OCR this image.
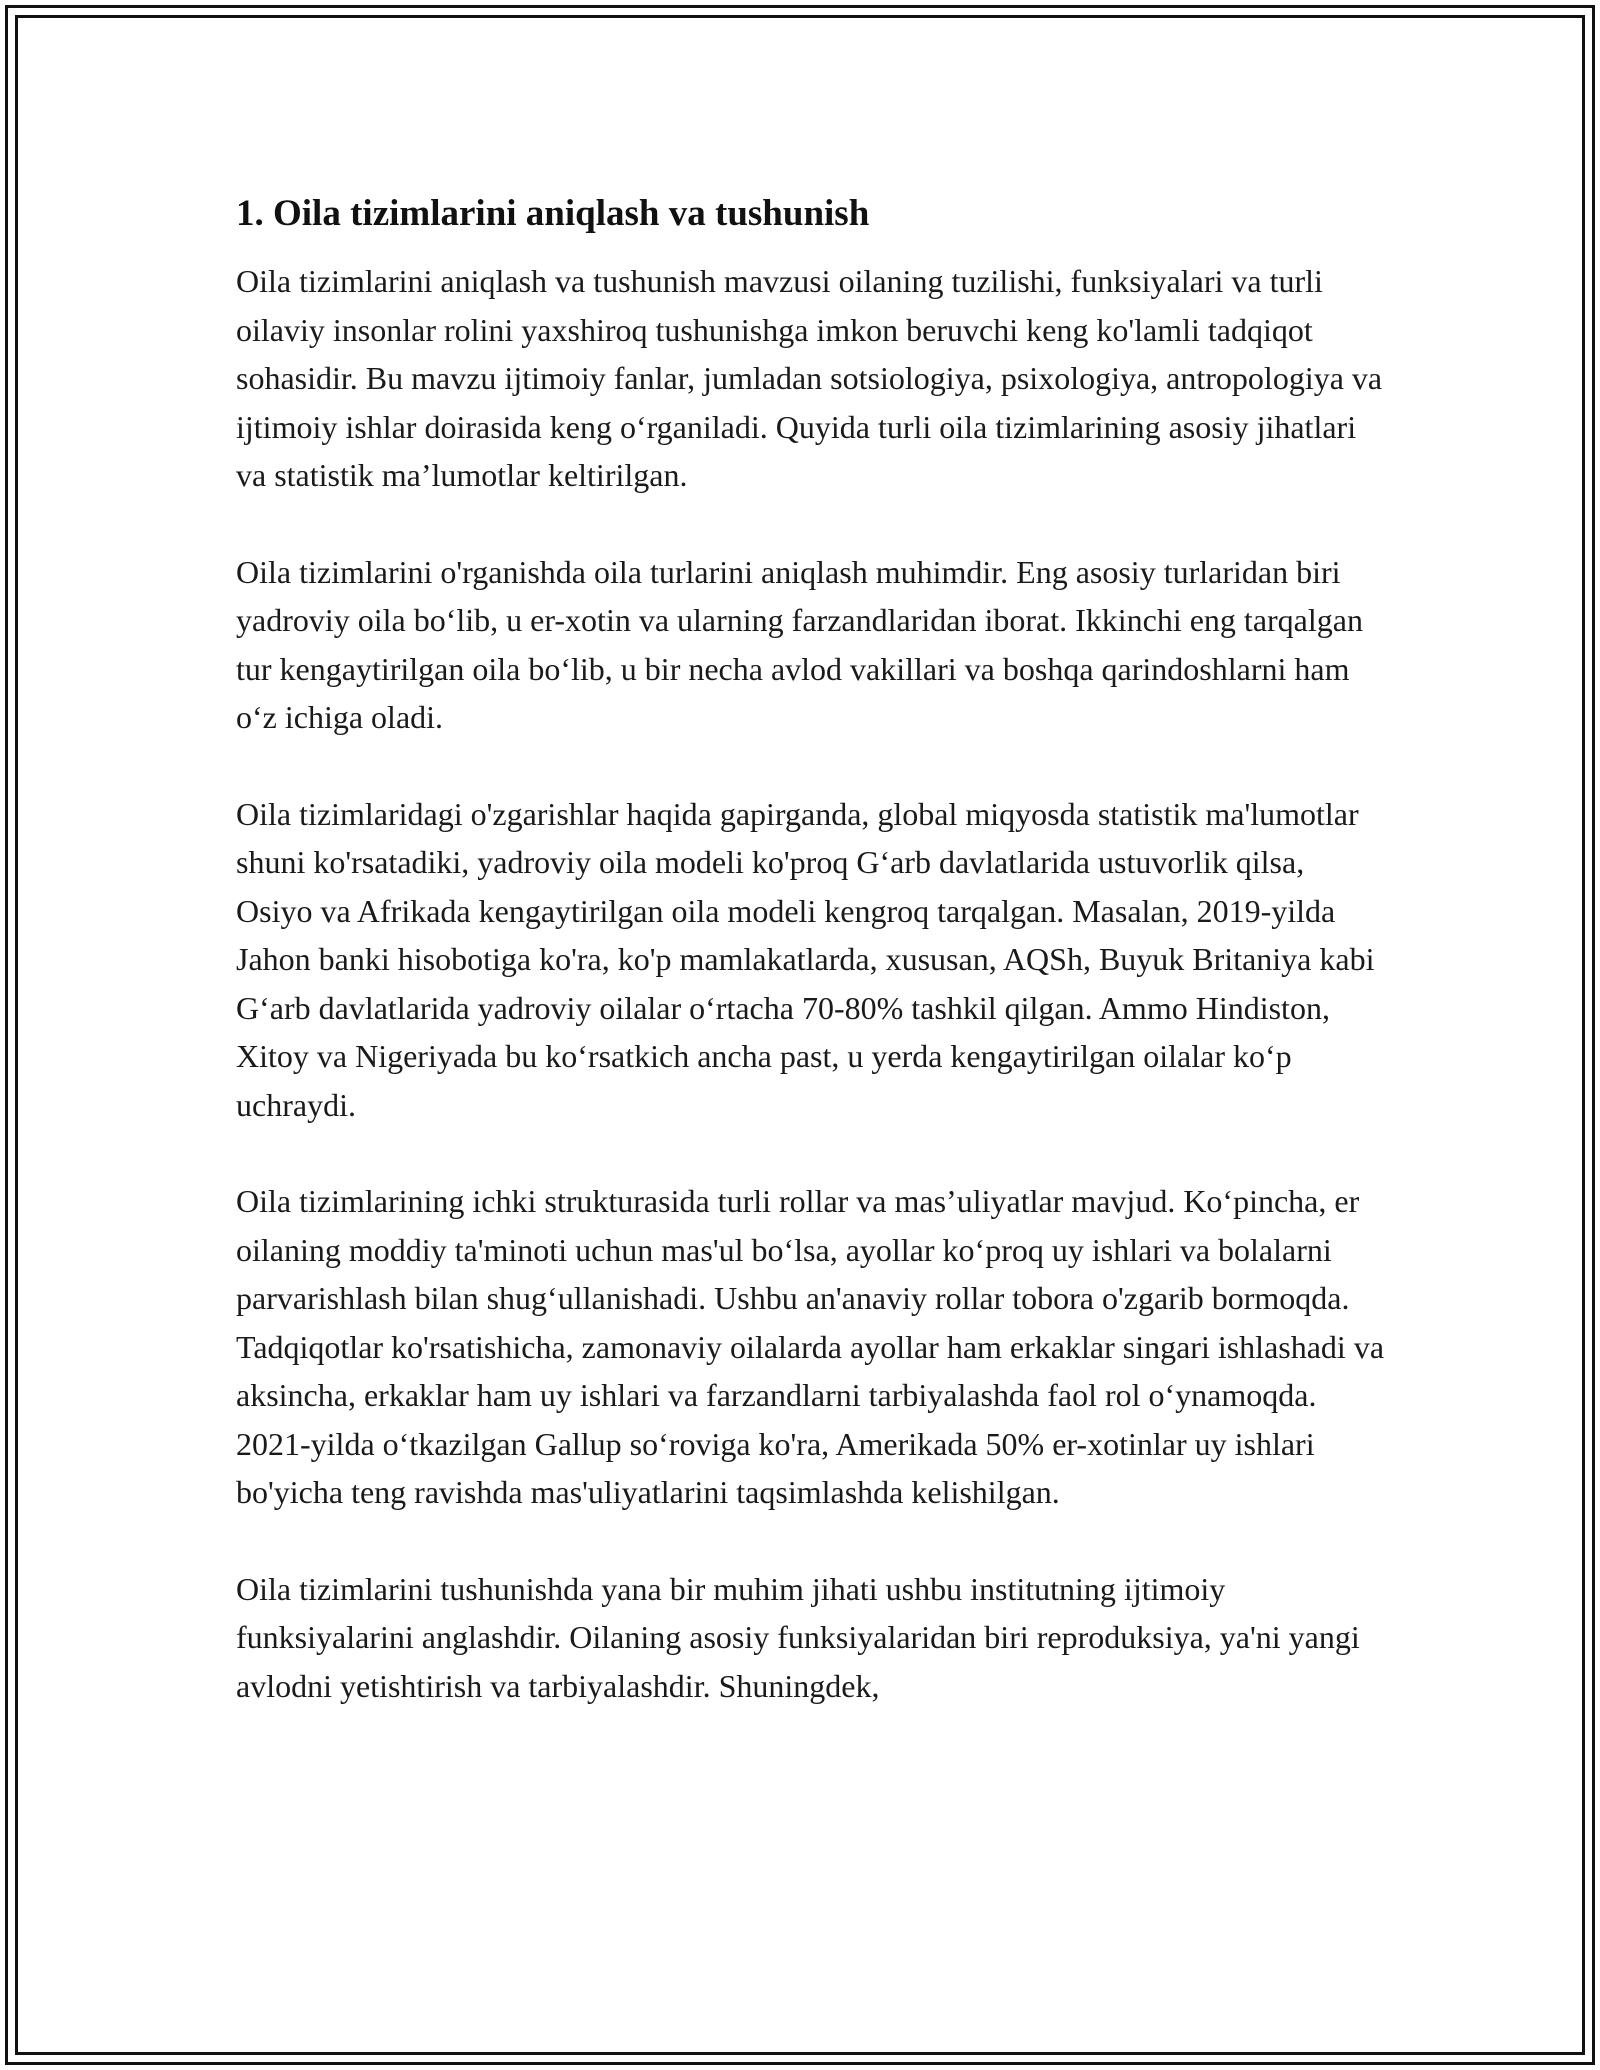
1. Oila tizimlarini aniqlash va tushunish

Oila tizimlarini aniqlash va tushunish mavzusi oilaning tuzilishi, funksiyalari va turli oilaviy insonlar rolini yaxshiroq tushunishga imkon beruvchi keng ko'lamli tadqiqot sohasidir. Bu mavzu ijtimoiy fanlar, jumladan sotsiologiya, psixologiya, antropologiya va ijtimoiy ishlar doirasida keng o‘rganiladi. Quyida turli oila tizimlarining asosiy jihatlari va statistik ma’lumotlar keltirilgan.

Oila tizimlarini o'rganishda oila turlarini aniqlash muhimdir. Eng asosiy turlaridan biri yadroviy oila bo‘lib, u er-xotin va ularning farzandlaridan iborat. Ikkinchi eng tarqalgan tur kengaytirilgan oila bo‘lib, u bir necha avlod vakillari va boshqa qarindoshlarni ham o‘z ichiga oladi.

Oila tizimlaridagi o'zgarishlar haqida gapirganda, global miqyosda statistik ma'lumotlar shuni ko'rsatadiki, yadroviy oila modeli ko'proq G‘arb davlatlarida ustuvorlik qilsa, Osiyo va Afrikada kengaytirilgan oila modeli kengroq tarqalgan. Masalan, 2019-yilda Jahon banki hisobotiga ko'ra, ko'p mamlakatlarda, xususan, AQSh, Buyuk Britaniya kabi G‘arb davlatlarida yadroviy oilalar o‘rtacha 70-80% tashkil qilgan. Ammo Hindiston, Xitoy va Nigeriyada bu ko‘rsatkich ancha past, u yerda kengaytirilgan oilalar ko‘p uchraydi.

Oila tizimlarining ichki strukturasida turli rollar va mas’uliyatlar mavjud. Ko‘pincha, er oilaning moddiy ta'minoti uchun mas'ul bo‘lsa, ayollar ko‘proq uy ishlari va bolalarni parvarishlash bilan shug‘ullanishadi. Ushbu an'anaviy rollar tobora o'zgarib bormoqda. Tadqiqotlar ko'rsatishicha, zamonaviy oilalarda ayollar ham erkaklar singari ishlashadi va aksincha, erkaklar ham uy ishlari va farzandlarni tarbiyalashda faol rol o‘ynamoqda. 2021-yilda o‘tkazilgan Gallup so‘roviga ko'ra, Amerikada 50% er-xotinlar uy ishlari bo'yicha teng ravishda mas'uliyatlarini taqsimlashda kelishilgan.

Oila tizimlarini tushunishda yana bir muhim jihati ushbu institutning ijtimoiy funksiyalarini anglashdir. Oilaning asosiy funksiyalaridan biri reproduksiya, ya'ni yangi avlodni yetishtirish va tarbiyalashdir. Shuningdek,
